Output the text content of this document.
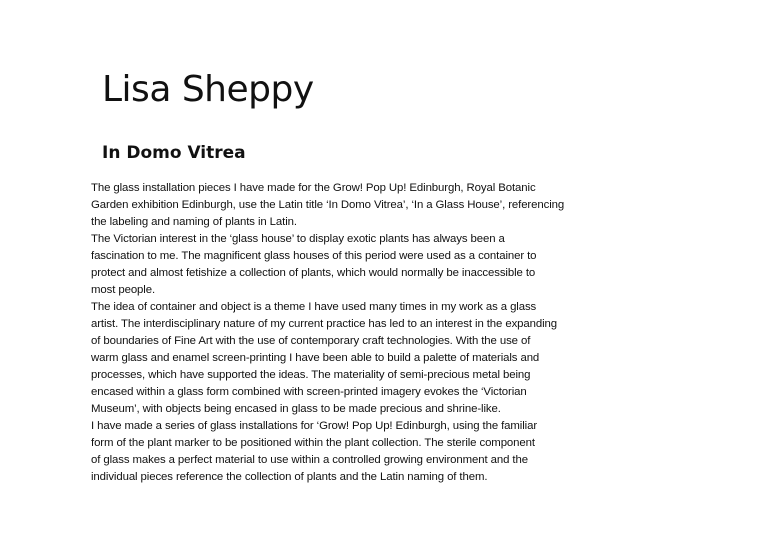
Lisa Sheppy
In Domo Vitrea
The glass installation pieces I have made for the Grow! Pop Up! Edinburgh, Royal Botanic
Garden exhibition Edinburgh, use the Latin title ‘In Domo Vitrea’, ‘In a Glass House’, referencing
the labeling and naming of plants in Latin.
The Victorian interest in the ‘glass house’ to display exotic plants has always been a
fascination to me. The magnificent glass houses of this period were used as a container to
protect and almost fetishize a collection of plants, which would normally be inaccessible to
most people.
The idea of container and object is a theme I have used many times in my work as a glass
artist. The interdisciplinary nature of my current practice has led to an interest in the expanding
of boundaries of Fine Art with the use of contemporary craft technologies. With the use of
warm glass and enamel screen-printing I have been able to build a palette of materials and
processes, which have supported the ideas. The materiality of semi-precious metal being
encased within a glass form combined with screen-printed imagery evokes the ‘Victorian
Museum’, with objects being encased in glass to be made precious and shrine-like.
I have made a series of glass installations for ‘Grow! Pop Up! Edinburgh, using the familiar
form of the plant marker to be positioned within the plant collection. The sterile component
of glass makes a perfect material to use within a controlled growing environment and the
individual pieces reference the collection of plants and the Latin naming of them.
